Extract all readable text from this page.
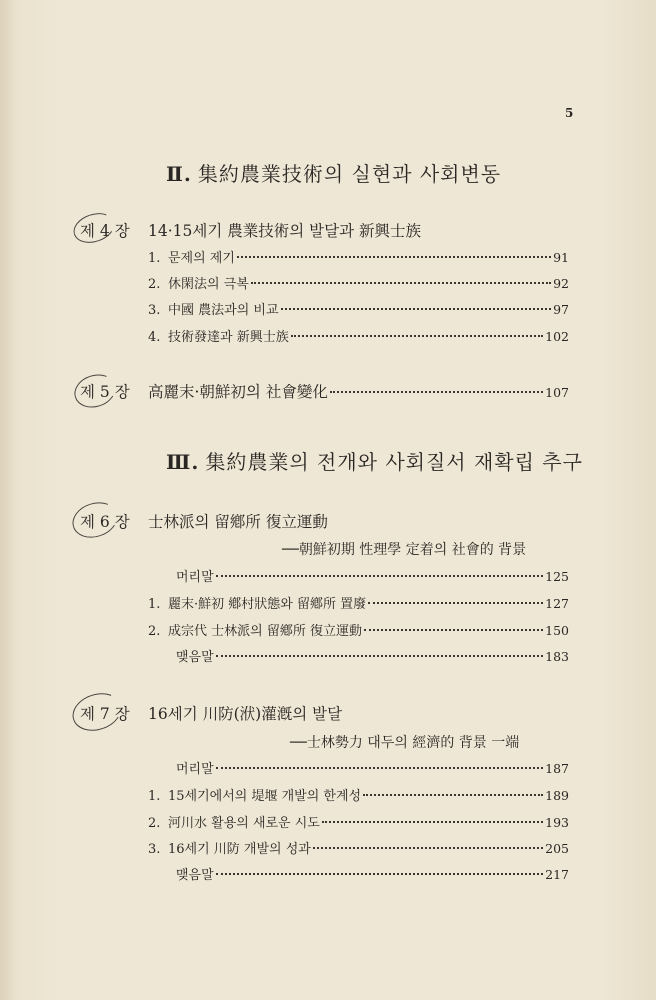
5
Ⅱ. 集約農業技術의 실현과 사회변동
제 4 장 14·15세기 農業技術의 발달과 新興士族
1. 문제의 제기	91
2. 休閑法의 극복	92
3. 中國 農法과의 비교	97
4. 技術發達과 新興士族	102
제 5 장	高麗末·朝鮮初의 社會變化	107
Ⅲ. 集約農業의 전개와 사회질서 재확립 추구
제 6 장 士林派의 留鄕所 復立運動
──朝鮮初期 性理學 定着의 社會的 背景
머리말	125
1. 麗末·鮮初 鄕村狀態와 留鄕所 置廢	127
2. 成宗代 士林派의 留鄕所 復立運動	150
맺음말	183
제 7 장 16세기 川防(洑)灌漑의 발달
──士林勢力 대두의 經濟的 背景 一端
머리말	187
1. 15세기에서의 堤堰 개발의 한계성	189
2. 河川水 활용의 새로운 시도	193
3. 16세기 川防 개발의 성과	205
맺음말	217
